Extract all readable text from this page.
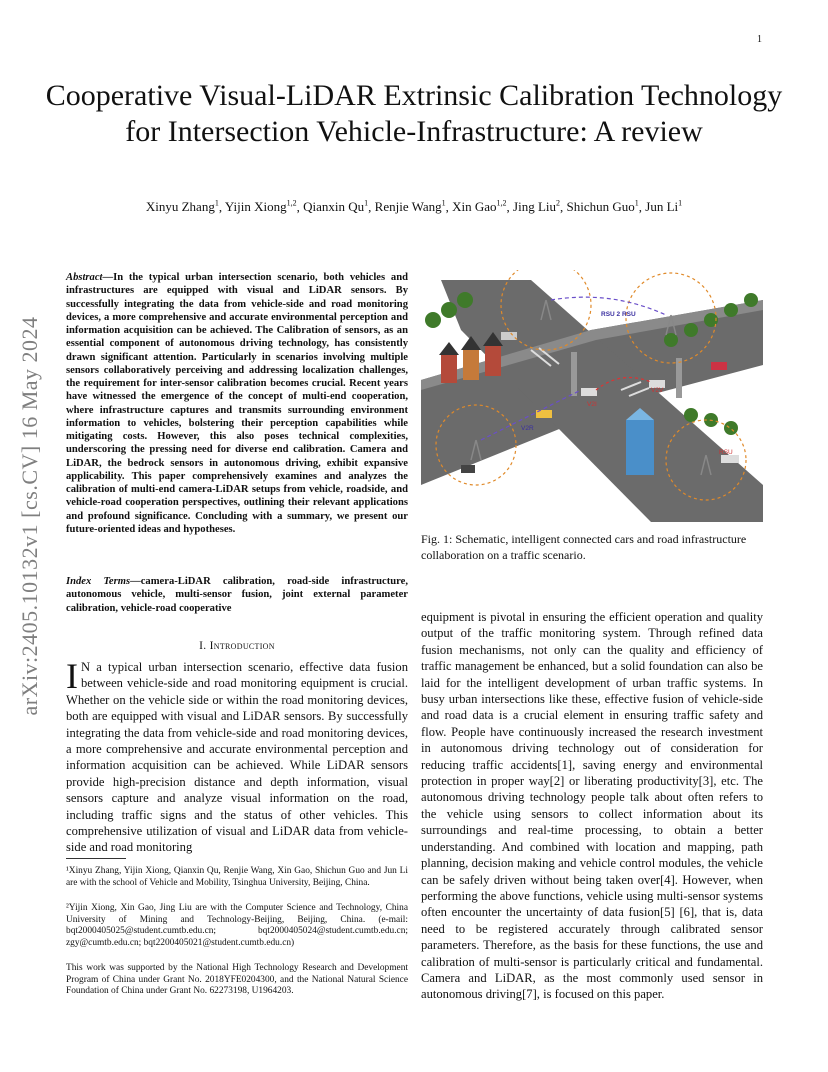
1
Cooperative Visual-LiDAR Extrinsic Calibration Technology for Intersection Vehicle-Infrastructure: A review
Xinyu Zhang$^1$, Yijin Xiong$^{1,2}$, Qianxin Qu$^1$, Renjie Wang$^1$, Xin Gao$^{1,2}$, Jing Liu$^2$, Shichun Guo$^1$, Jun Li$^1$
arXiv:2405.10132v1 [cs.CV] 16 May 2024
Abstract—In the typical urban intersection scenario, both vehicles and infrastructures are equipped with visual and LiDAR sensors. By successfully integrating the data from vehicle-side and road monitoring devices, a more comprehensive and accurate environmental perception and information acquisition can be achieved. The Calibration of sensors, as an essential component of autonomous driving technology, has consistently drawn significant attention. Particularly in scenarios involving multiple sensors collaboratively perceiving and addressing localization challenges, the requirement for inter-sensor calibration becomes crucial. Recent years have witnessed the emergence of the concept of multi-end cooperation, where infrastructure captures and transmits surrounding environment information to vehicles, bolstering their perception capabilities while mitigating costs. However, this also poses technical complexities, underscoring the pressing need for diverse end calibration. Camera and LiDAR, the bedrock sensors in autonomous driving, exhibit expansive applicability. This paper comprehensively examines and analyzes the calibration of multi-end camera-LiDAR setups from vehicle, roadside, and vehicle-road cooperation perspectives, outlining their relevant applications and profound significance. Concluding with a summary, we present our future-oriented ideas and hypotheses.
Index Terms—camera-LiDAR calibration, road-side infrastructure, autonomous vehicle, multi-sensor fusion, joint external parameter calibration, vehicle-road cooperative
I. Introduction
I N a typical urban intersection scenario, effective data fusion between vehicle-side and road monitoring equipment is crucial. Whether on the vehicle side or within the road monitoring devices, both are equipped with visual and LiDAR sensors. By successfully integrating the data from vehicle-side and road monitoring devices, a more comprehensive and accurate environmental perception and information acquisition can be achieved. While LiDAR sensors provide high-precision distance and depth information, visual sensors capture and analyze visual information on the road, including traffic signs and the status of other vehicles. This comprehensive utilization of visual and LiDAR data from vehicle-side and road monitoring
¹Xinyu Zhang, Yijin Xiong, Qianxin Qu, Renjie Wang, Xin Gao, Shichun Guo and Jun Li are with the school of Vehicle and Mobility, Tsinghua University, Beijing, China.
²Yijin Xiong, Xin Gao, Jing Liu are with the Computer Science and Technology, China University of Mining and Technology-Beijing, Beijing, China. (e-mail: bqt2000405025@student.cumtb.edu.cn; bqt2000405024@student.cumtb.edu.cn; zgy@cumtb.edu.cn; bqt2200405021@student.cumtb.edu.cn)
This work was supported by the National High Technology Research and Development Program of China under Grant No. 2018YFE0204300, and the National Natural Science Foundation of China under Grant No. 62273198, U1964203.
RSU 2 RSU
V2V
V2R
V2I
RSU
Fig. 1: Schematic, intelligent connected cars and road infrastructure collaboration on a traffic scenario.
equipment is pivotal in ensuring the efficient operation and quality output of the traffic monitoring system. Through refined data fusion mechanisms, not only can the quality and efficiency of traffic management be enhanced, but a solid foundation can also be laid for the intelligent development of urban traffic systems. In busy urban intersections like these, effective fusion of vehicle-side and road data is a crucial element in ensuring traffic safety and flow. People have continuously increased the research investment in autonomous driving technology out of consideration for reducing traffic accidents[1], saving energy and environmental protection in proper way[2] or liberating productivity[3], etc. The autonomous driving technology people talk about often refers to the vehicle using sensors to collect information about its surroundings and real-time processing, to obtain a better understanding. And combined with location and mapping, path planning, decision making and vehicle control modules, the vehicle can be safely driven without being taken over[4]. However, when performing the above functions, vehicle using multi-sensor systems often encounter the uncertainty of data fusion[5] [6], that is, data need to be registered accurately through calibrated sensor parameters. Therefore, as the basis for these functions, the use and calibration of multi-sensor is particularly critical and fundamental. Camera and LiDAR, as the most commonly used sensor in autonomous driving[7], is focused on this paper.
